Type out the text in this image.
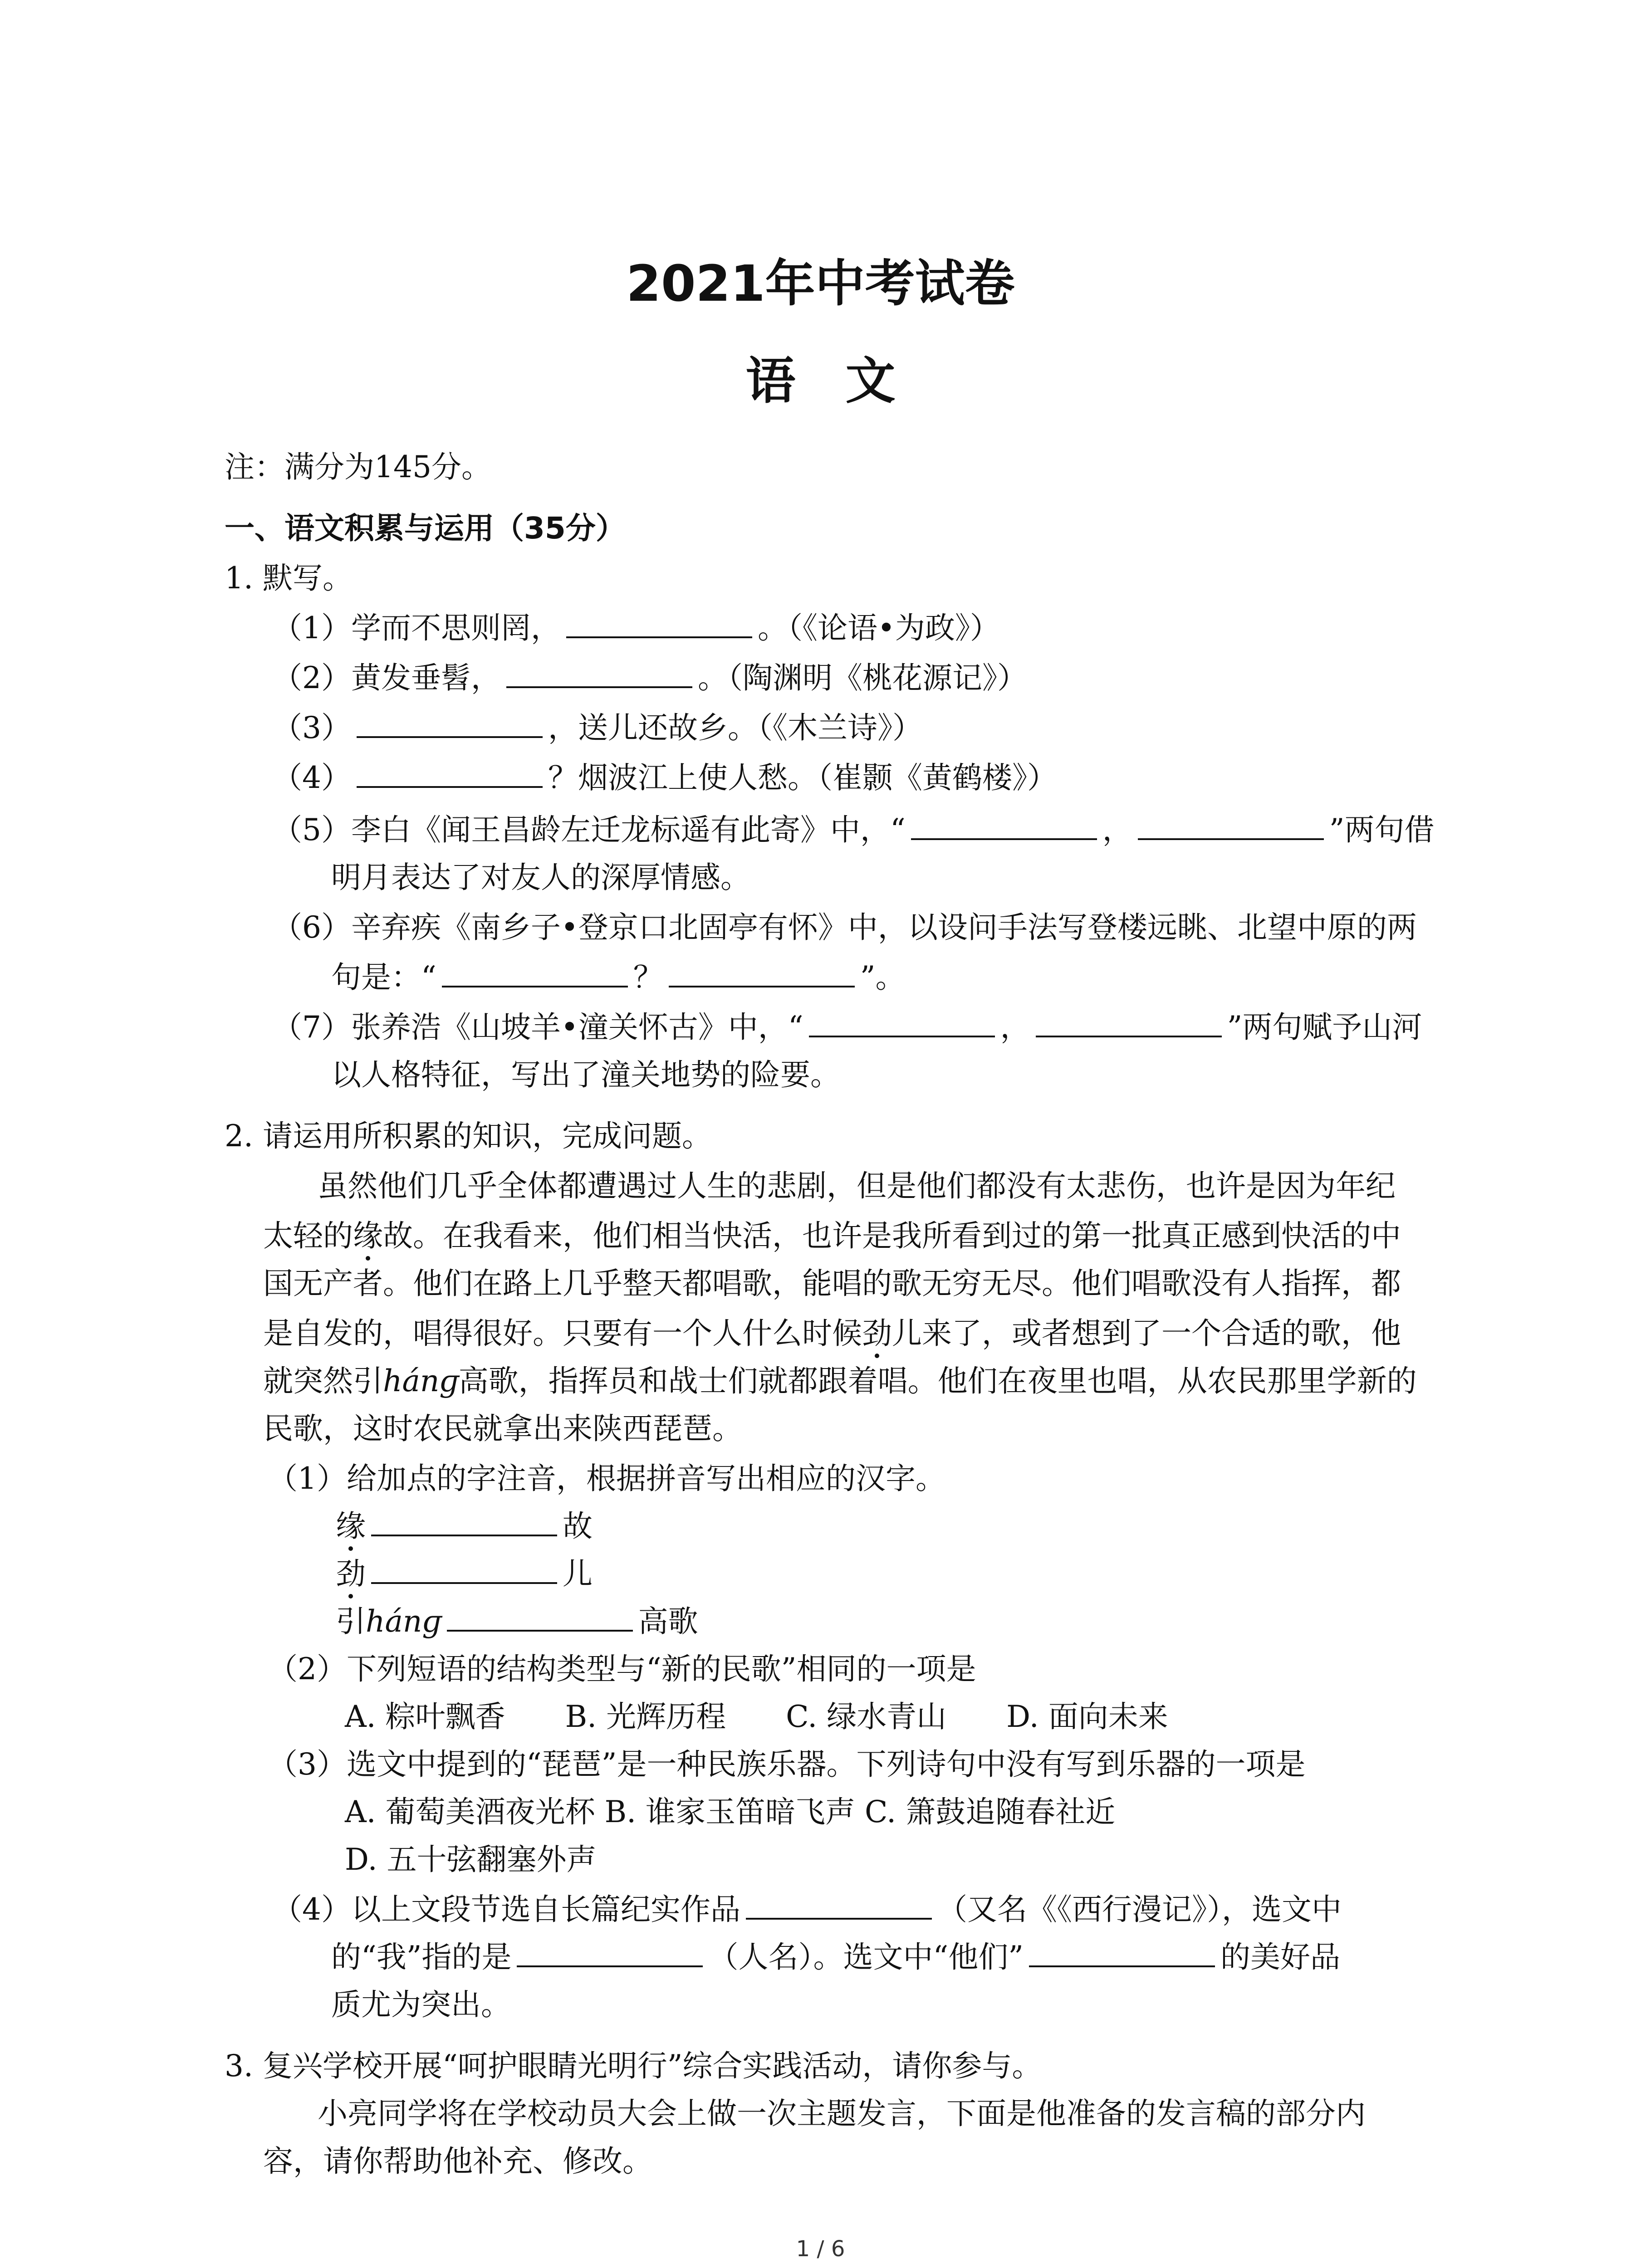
2021年中考试卷
语　文
注：满分为145分。
一、语文积累与运用（35分）
1. 默写。
（1）学而不思则罔，	。（《论语•为政》）
（2）黄发垂髫，	。（陶渊明《桃花源记》）
（3）	，送儿还故乡。（《木兰诗》）
（4）	？烟波江上使人愁。（崔颢《黄鹤楼》）
（5）李白《闻王昌龄左迁龙标遥有此寄》中，“	，	”两句借
明月表达了对友人的深厚情感。
（6）辛弃疾《南乡子•登京口北固亭有怀》中，以设问手法写登楼远眺、北望中原的两
句是：“	？	”。
（7）张养浩《山坡羊•潼关怀古》中，“	，	”两句赋予山河
以人格特征，写出了潼关地势的险要。
2. 请运用所积累的知识，完成问题。
虽然他们几乎全体都遭遇过人生的悲剧，但是他们都没有太悲伤，也许是因为年纪
太轻的缘故。在我看来，他们相当快活，也许是我所看到过的第一批真正感到快活的中
国无产者。他们在路上几乎整天都唱歌，能唱的歌无穷无尽。他们唱歌没有人指挥，都
是自发的，唱得很好。只要有一个人什么时候劲儿来了，或者想到了一个合适的歌，他
就突然引hánɡ高歌，指挥员和战士们就都跟着唱。他们在夜里也唱，从农民那里学新的
民歌，这时农民就拿出来陕西琵琶。
（1）给加点的字注音，根据拼音写出相应的汉字。
缘	故
劲	儿
引hánɡ	高歌
（2）下列短语的结构类型与“新的民歌”相同的一项是
A. 粽叶飘香　　B. 光辉历程　　C. 绿水青山　　D. 面向未来
（3）选文中提到的“琵琶”是一种民族乐器。下列诗句中没有写到乐器的一项是
A. 葡萄美酒夜光杯 B. 谁家玉笛暗飞声 C. 箫鼓追随春社近
D. 五十弦翻塞外声
（4）以上文段节选自长篇纪实作品	（又名《《西行漫记》），选文中
的“我”指的是	（人名）。选文中“他们”	的美好品
质尤为突出。
3. 复兴学校开展“呵护眼睛光明行”综合实践活动，请你参与。
小亮同学将在学校动员大会上做一次主题发言，下面是他准备的发言稿的部分内
容，请你帮助他补充、修改。
1 / 6
